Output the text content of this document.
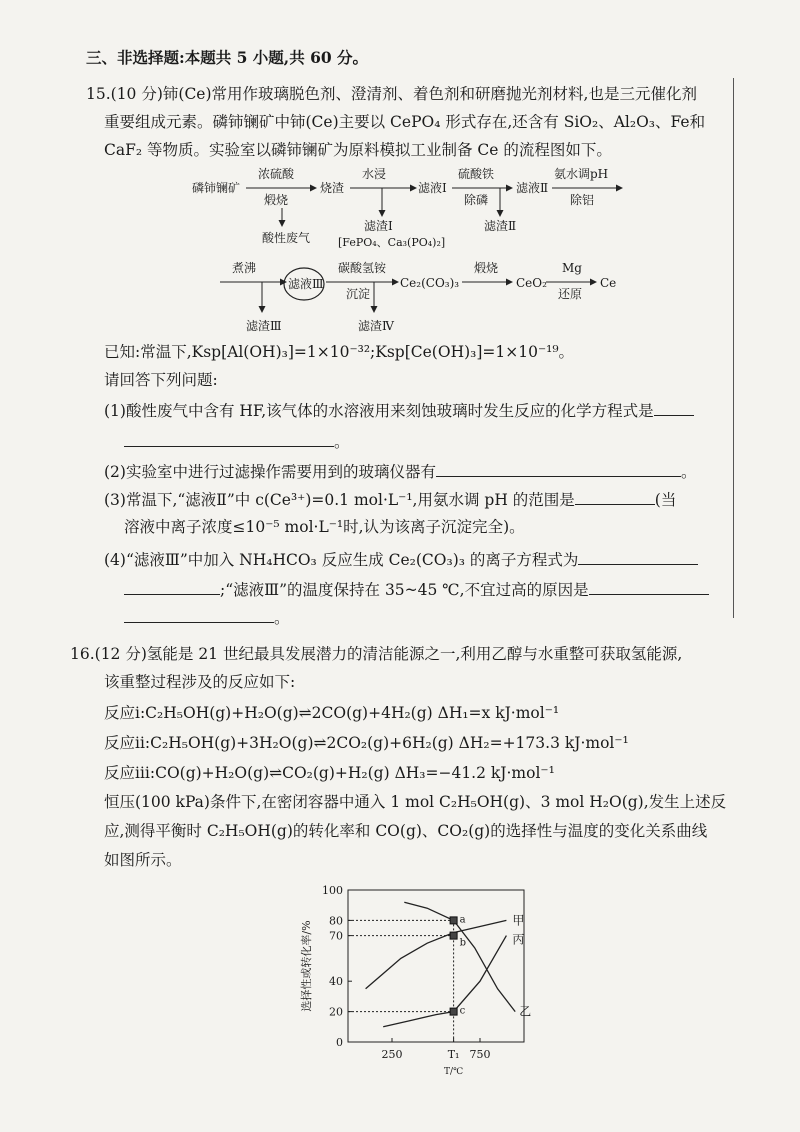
三、非选择题:本题共 5 小题,共 60 分。
15.(10 分)铈(Ce)常用作玻璃脱色剂、澄清剂、着色剂和研磨抛光剂材料,也是三元催化剂
重要组成元素。磷铈镧矿中铈(Ce)主要以 CePO₄ 形式存在,还含有 SiO₂、Al₂O₃、Fe和
CaF₂ 等物质。实验室以磷铈镧矿为原料模拟工业制备 Ce 的流程图如下。
磷铈镧矿
浓硫酸
煅烧
酸性废气
烧渣
水浸
滤渣Ⅰ
[FePO₄、Ca₃(PO₄)₂]
滤液Ⅰ
硫酸铁
除磷
滤渣Ⅱ
滤液Ⅱ
氨水调pH
除铝
煮沸
滤渣Ⅲ
滤液Ⅲ
碳酸氢铵
沉淀
滤渣Ⅳ
Ce₂(CO₃)₃
煅烧
CeO₂
Mg
还原
Ce
已知:常温下,Ksp[Al(OH)₃]=1×10⁻³²;Ksp[Ce(OH)₃]=1×10⁻¹⁹。
请回答下列问题:
(1)酸性废气中含有 HF,该气体的水溶液用来刻蚀玻璃时发生反应的化学方程式是
。
(2)实验室中进行过滤操作需要用到的玻璃仪器有	。
(3)常温下,“滤液Ⅱ”中 c(Ce³⁺)=0.1 mol·L⁻¹,用氨水调 pH 的范围是	(当
溶液中离子浓度≤10⁻⁵ mol·L⁻¹时,认为该离子沉淀完全)。
(4)“滤液Ⅲ”中加入 NH₄HCO₃ 反应生成 Ce₂(CO₃)₃ 的离子方程式为
;“滤液Ⅲ”的温度保持在 35~45 ℃,不宜过高的原因是
。
16.(12 分)氢能是 21 世纪最具发展潜力的清洁能源之一,利用乙醇与水重整可获取氢能源,
该重整过程涉及的反应如下:
反应ⅰ:C₂H₅OH(g)+H₂O(g)⇌2CO(g)+4H₂(g) ΔH₁=x kJ·mol⁻¹
反应ⅱ:C₂H₅OH(g)+3H₂O(g)⇌2CO₂(g)+6H₂(g) ΔH₂=+173.3 kJ·mol⁻¹
反应ⅲ:CO(g)+H₂O(g)⇌CO₂(g)+H₂(g) ΔH₃=−41.2 kJ·mol⁻¹
恒压(100 kPa)条件下,在密闭容器中通入 1 mol C₂H₅OH(g)、3 mol H₂O(g),发生上述反
应,测得平衡时 C₂H₅OH(g)的转化率和 CO(g)、CO₂(g)的选择性与温度的变化关系曲线
如图所示。
0
20
40
70
80
100
250	T₁ 750
选择性或转化率/%
T/℃
甲
乙
丙
a
b
c
